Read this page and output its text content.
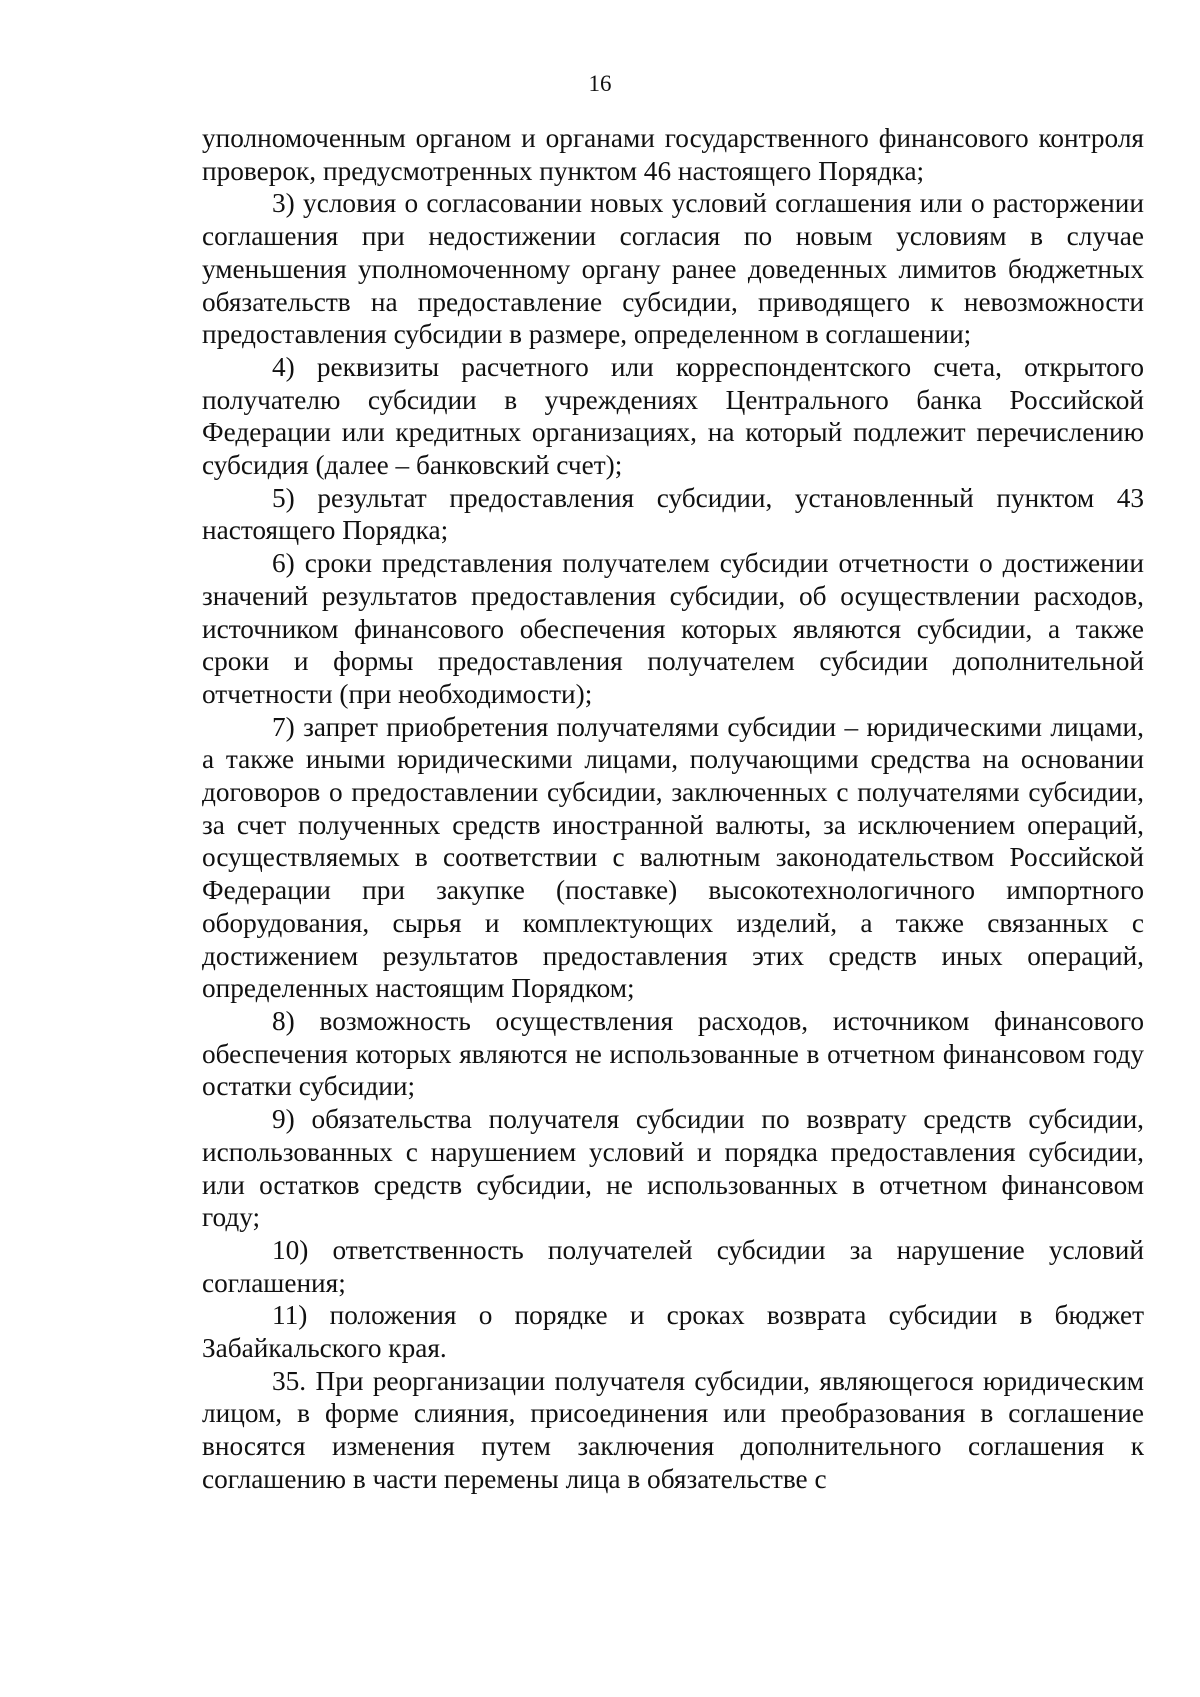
16

уполномоченным органом и органами государственного финансового контроля проверок, предусмотренных пунктом 46 настоящего Порядка;

3) условия о согласовании новых условий соглашения или о расторжении соглашения при недостижении согласия по новым условиям в случае уменьшения уполномоченному органу ранее доведенных лимитов бюджетных обязательств на предоставление субсидии, приводящего к невозможности предоставления субсидии в размере, определенном в соглашении;

4) реквизиты расчетного или корреспондентского счета, открытого получателю субсидии в учреждениях Центрального банка Российской Федерации или кредитных организациях, на который подлежит перечислению субсидия (далее – банковский счет);

5) результат предоставления субсидии, установленный пунктом 43 настоящего Порядка;

6) сроки представления получателем субсидии отчетности о достижении значений результатов предоставления субсидии, об осуществлении расходов, источником финансового обеспечения которых являются субсидии, а также сроки и формы предоставления получателем субсидии дополнительной отчетности (при необходимости);

7) запрет приобретения получателями субсидии – юридическими лицами, а также иными юридическими лицами, получающими средства на основании договоров о предоставлении субсидии, заключенных с получателями субсидии, за счет полученных средств иностранной валюты, за исключением операций, осуществляемых в соответствии с валютным законодательством Российской Федерации при закупке (поставке) высокотехнологичного импортного оборудования, сырья и комплектующих изделий, а также связанных с достижением результатов предоставления этих средств иных операций, определенных настоящим Порядком;

8) возможность осуществления расходов, источником финансового обеспечения которых являются не использованные в отчетном финансовом году остатки субсидии;

9) обязательства получателя субсидии по возврату средств субсидии, использованных с нарушением условий и порядка предоставления субсидии, или остатков средств субсидии, не использованных в отчетном финансовом году;

10) ответственность получателей субсидии за нарушение условий соглашения;

11) положения о порядке и сроках возврата субсидии в бюджет Забайкальского края.

35. При реорганизации получателя субсидии, являющегося юридическим лицом, в форме слияния, присоединения или преобразования в соглашение вносятся изменения путем заключения дополнительного соглашения к соглашению в части перемены лица в обязательстве с
